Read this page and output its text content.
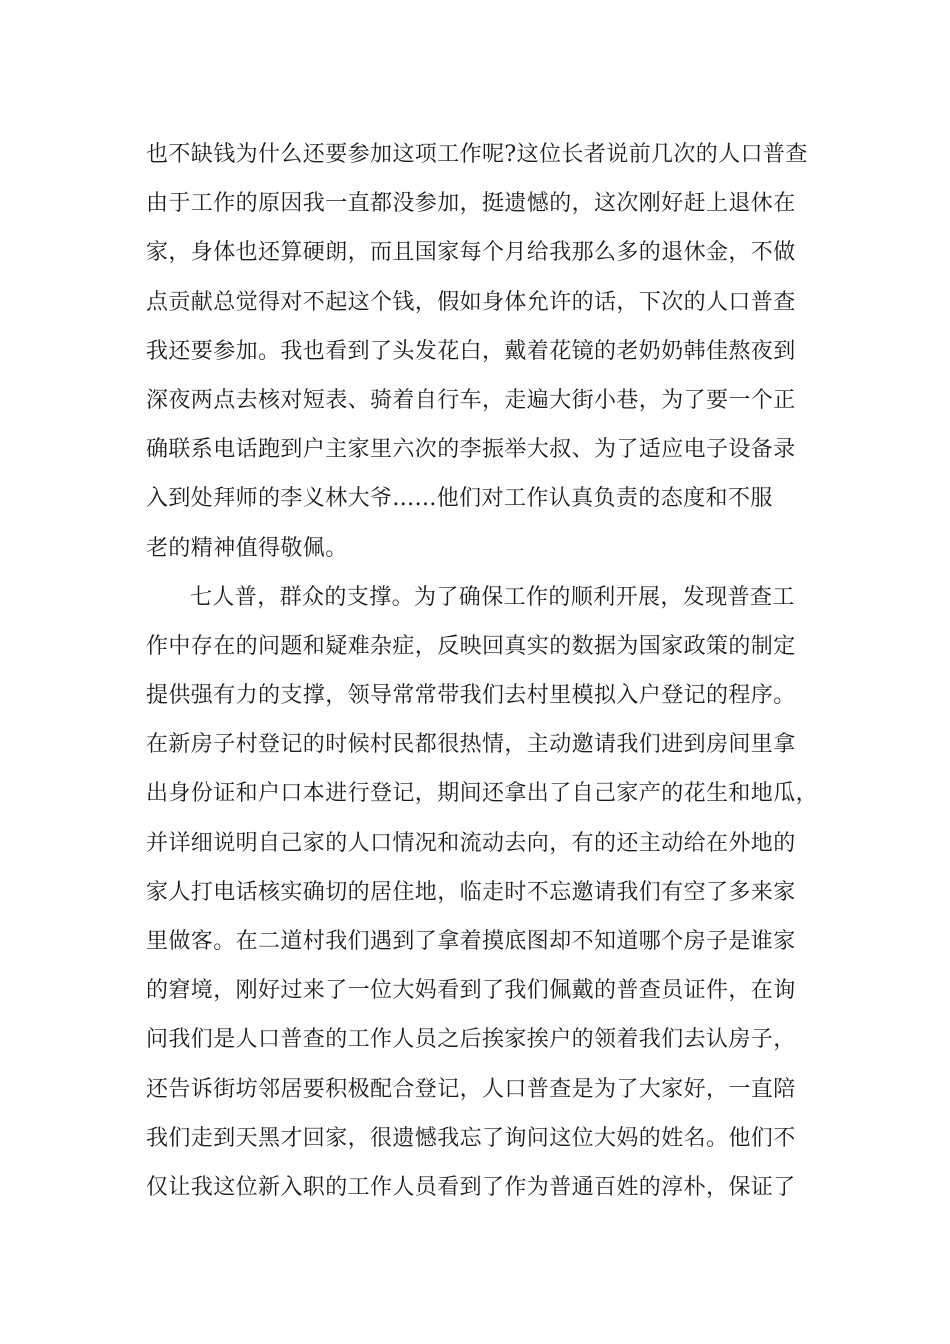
也不缺钱为什么还要参加这项工作呢?这位长者说前几次的人口普查
由于工作的原因我一直都没参加，挺遗憾的，这次刚好赶上退休在
家，身体也还算硬朗，而且国家每个月给我那么多的退休金，不做
点贡献总觉得对不起这个钱，假如身体允许的话，下次的人口普查
我还要参加。我也看到了头发花白，戴着花镜的老奶奶韩佳熬夜到
深夜两点去核对短表、骑着自行车，走遍大街小巷，为了要一个正
确联系电话跑到户主家里六次的李振举大叔、为了适应电子设备录
入到处拜师的李义林大爷......他们对工作认真负责的态度和不服
老的精神值得敬佩。
七人普，群众的支撑。为了确保工作的顺利开展，发现普查工
作中存在的问题和疑难杂症，反映回真实的数据为国家政策的制定
提供强有力的支撑，领导常常带我们去村里模拟入户登记的程序。
在新房子村登记的时候村民都很热情，主动邀请我们进到房间里拿
出身份证和户口本进行登记，期间还拿出了自己家产的花生和地瓜，
并详细说明自己家的人口情况和流动去向，有的还主动给在外地的
家人打电话核实确切的居住地，临走时不忘邀请我们有空了多来家
里做客。在二道村我们遇到了拿着摸底图却不知道哪个房子是谁家
的窘境，刚好过来了一位大妈看到了我们佩戴的普查员证件，在询
问我们是人口普查的工作人员之后挨家挨户的领着我们去认房子，
还告诉街坊邻居要积极配合登记，人口普查是为了大家好，一直陪
我们走到天黑才回家，很遗憾我忘了询问这位大妈的姓名。他们不
仅让我这位新入职的工作人员看到了作为普通百姓的淳朴，保证了
